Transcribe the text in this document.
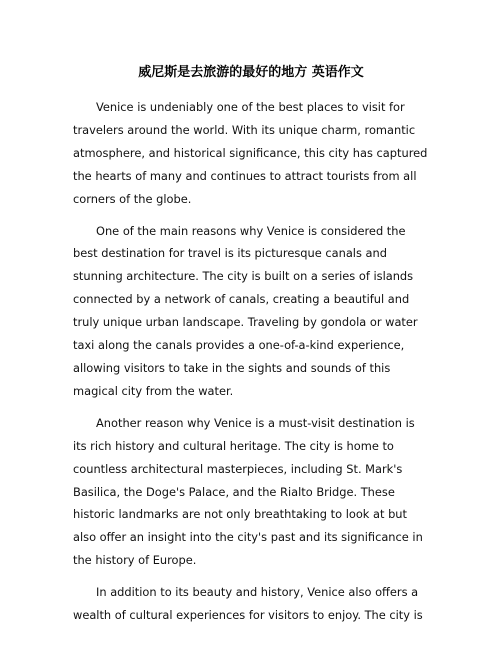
威尼斯是去旅游的最好的地方 英语作文

Venice is undeniably one of the best places to visit for travelers around the world. With its unique charm, romantic atmosphere, and historical significance, this city has captured the hearts of many and continues to attract tourists from all corners of the globe.

One of the main reasons why Venice is considered the best destination for travel is its picturesque canals and stunning architecture. The city is built on a series of islands connected by a network of canals, creating a beautiful and truly unique urban landscape. Traveling by gondola or water taxi along the canals provides a one-of-a-kind experience, allowing visitors to take in the sights and sounds of this magical city from the water.

Another reason why Venice is a must-visit destination is its rich history and cultural heritage. The city is home to countless architectural masterpieces, including St. Mark's Basilica, the Doge's Palace, and the Rialto Bridge. These historic landmarks are not only breathtaking to look at but also offer an insight into the city's past and its significance in the history of Europe.

In addition to its beauty and history, Venice also offers a wealth of cultural experiences for visitors to enjoy. The city is
